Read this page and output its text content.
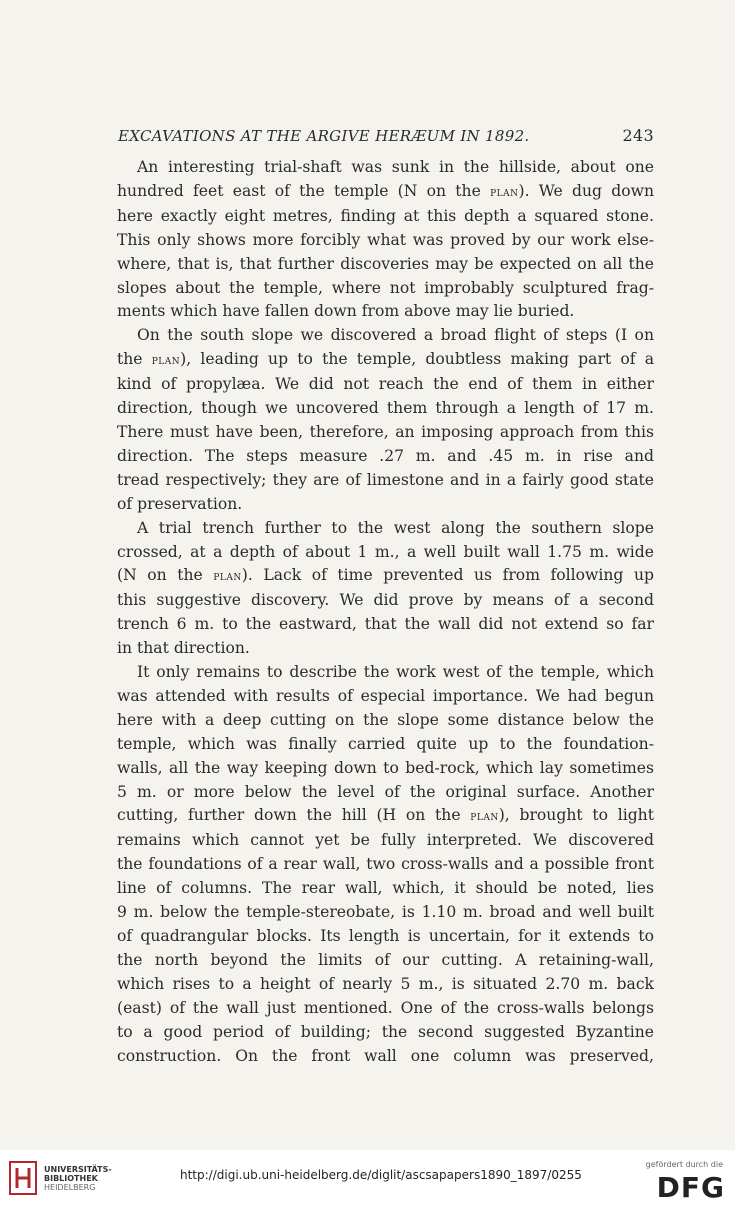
EXCAVATIONS AT THE ARGIVE HERÆUM IN 1892.	243

An interesting trial-shaft was sunk in the hillside, about one
hundred feet east of the temple (N on the plan). We dug down
here exactly eight metres, finding at this depth a squared stone.
This only shows more forcibly what was proved by our work else-
where, that is, that further discoveries may be expected on all the
slopes about the temple, where not improbably sculptured frag-
ments which have fallen down from above may lie buried.

On the south slope we discovered a broad flight of steps (I on
the plan), leading up to the temple, doubtless making part of a
kind of propylæa. We did not reach the end of them in either
direction, though we uncovered them through a length of 17 m.
There must have been, therefore, an imposing approach from this
direction. The steps measure .27 m. and .45 m. in rise and
tread respectively; they are of limestone and in a fairly good state
of preservation.

A trial trench further to the west along the southern slope
crossed, at a depth of about 1 m., a well built wall 1.75 m. wide
(N on the plan). Lack of time prevented us from following up
this suggestive discovery. We did prove by means of a second
trench 6 m. to the eastward, that the wall did not extend so far
in that direction.

It only remains to describe the work west of the temple, which
was attended with results of especial importance. We had begun
here with a deep cutting on the slope some distance below the
temple, which was finally carried quite up to the foundation-
walls, all the way keeping down to bed-rock, which lay sometimes
5 m. or more below the level of the original surface. Another
cutting, further down the hill (H on the plan), brought to light
remains which cannot yet be fully interpreted. We discovered
the foundations of a rear wall, two cross-walls and a possible front
line of columns. The rear wall, which, it should be noted, lies
9 m. below the temple-stereobate, is 1.10 m. broad and well built
of quadrangular blocks. Its length is uncertain, for it extends to
the north beyond the limits of our cutting. A retaining-wall,
which rises to a height of nearly 5 m., is situated 2.70 m. back
(east) of the wall just mentioned. One of the cross-walls belongs
to a good period of building; the second suggested Byzantine
construction. On the front wall one column was preserved,

UNIVERSITÄTS-
BIBLIOTHEK
HEIDELBERG
http://digi.ub.uni-heidelberg.de/diglit/ascsapapers1890_1897/0255
gefördert durch die
DFG
